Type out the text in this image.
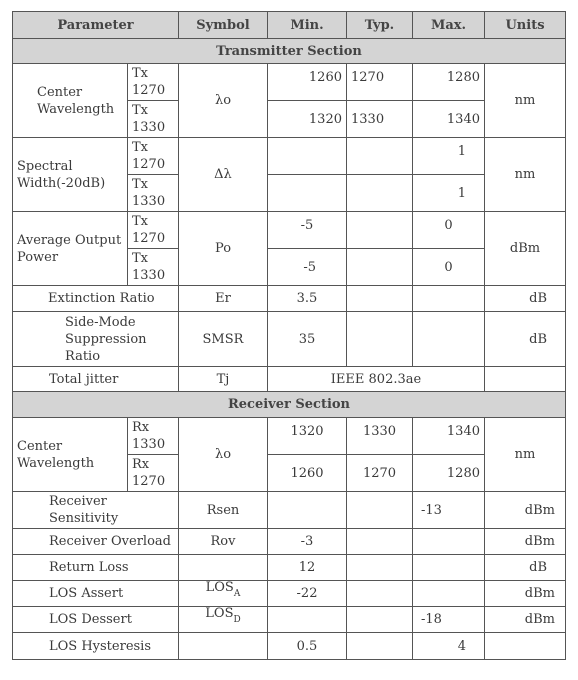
Parameter		Symbol	Min.	Typ.	Max.	Units
Transmitter Section						
Center Wavelength	Tx 1270	λo	1260	1270	1280	nm
	Tx 1330		1320	1330	1340	
Spectral Width(-20dB)	Tx 1270	Δλ			1	nm
	Tx 1330				1	
Average Output Power	Tx 1270	Po	-5		0	dBm
	Tx 1330		-5		0	
Extinction Ratio		Er	3.5			dB
Side-Mode Suppression Ratio		SMSR	35			dB
Total jitter		Tj	IEEE 802.3ae			
Receiver Section						
Center Wavelength	Rx 1330	λo	1320	1330	1340	nm
	Rx 1270		1260	1270	1280	
Receiver Sensitivity		Rsen			-13	dBm
Receiver Overload		Rov	-3			dBm
Return Loss			12			dB
LOS Assert		$LOS_A$	-22			dBm
LOS Dessert		$LOS_D$			-18	dBm
LOS Hysteresis			0.5		4	
